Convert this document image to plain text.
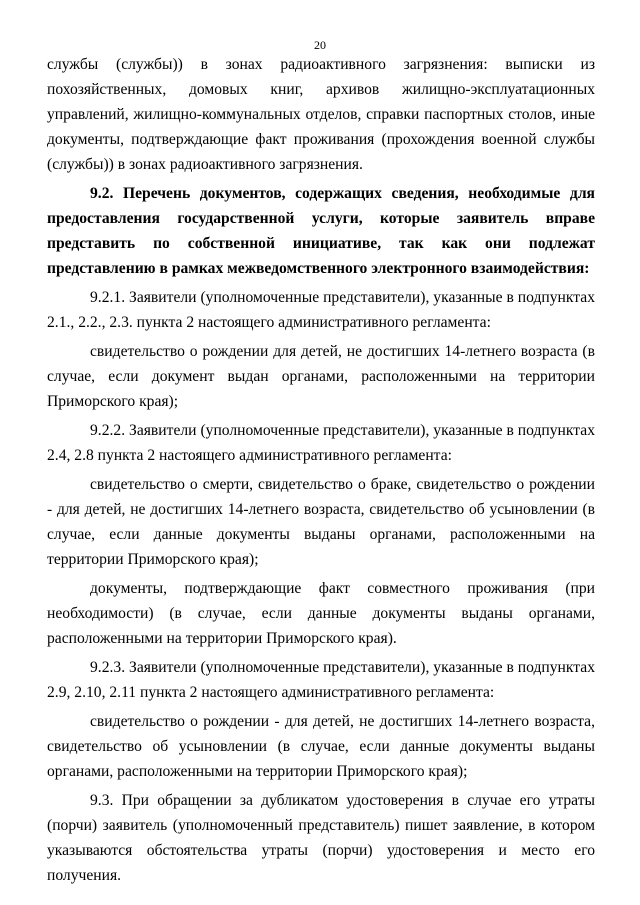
20

службы (службы)) в зонах радиоактивного загрязнения: выписки из похозяйственных, домовых книг, архивов жилищно-эксплуатационных управлений, жилищно-коммунальных отделов, справки паспортных столов, иные документы, подтверждающие факт проживания (прохождения военной службы (службы)) в зонах радиоактивного загрязнения.

9.2. Перечень документов, содержащих сведения, необходимые для предоставления государственной услуги, которые заявитель вправе представить по собственной инициативе, так как они подлежат представлению в рамках межведомственного электронного взаимодействия:

9.2.1. Заявители (уполномоченные представители), указанные в подпунктах 2.1., 2.2., 2.3. пункта 2 настоящего административного регламента:

свидетельство о рождении для детей, не достигших 14-летнего возраста (в случае, если документ выдан органами, расположенными на территории Приморского края);

9.2.2. Заявители (уполномоченные представители), указанные в подпунктах 2.4, 2.8 пункта 2 настоящего административного регламента:

свидетельство о смерти, свидетельство о браке, свидетельство о рождении - для детей, не достигших 14-летнего возраста, свидетельство об усыновлении (в случае, если данные документы выданы органами, расположенными на территории Приморского края);

документы, подтверждающие факт совместного проживания (при необходимости) (в случае, если данные документы выданы органами, расположенными на территории Приморского края).

9.2.3. Заявители (уполномоченные представители), указанные в подпунктах 2.9, 2.10, 2.11 пункта 2 настоящего административного регламента:

свидетельство о рождении - для детей, не достигших 14-летнего возраста, свидетельство об усыновлении (в случае, если данные документы выданы органами, расположенными на территории Приморского края);

9.3. При обращении за дубликатом удостоверения в случае его утраты (порчи) заявитель (уполномоченный представитель) пишет заявление, в котором указываются обстоятельства утраты (порчи) удостоверения и место его получения.
